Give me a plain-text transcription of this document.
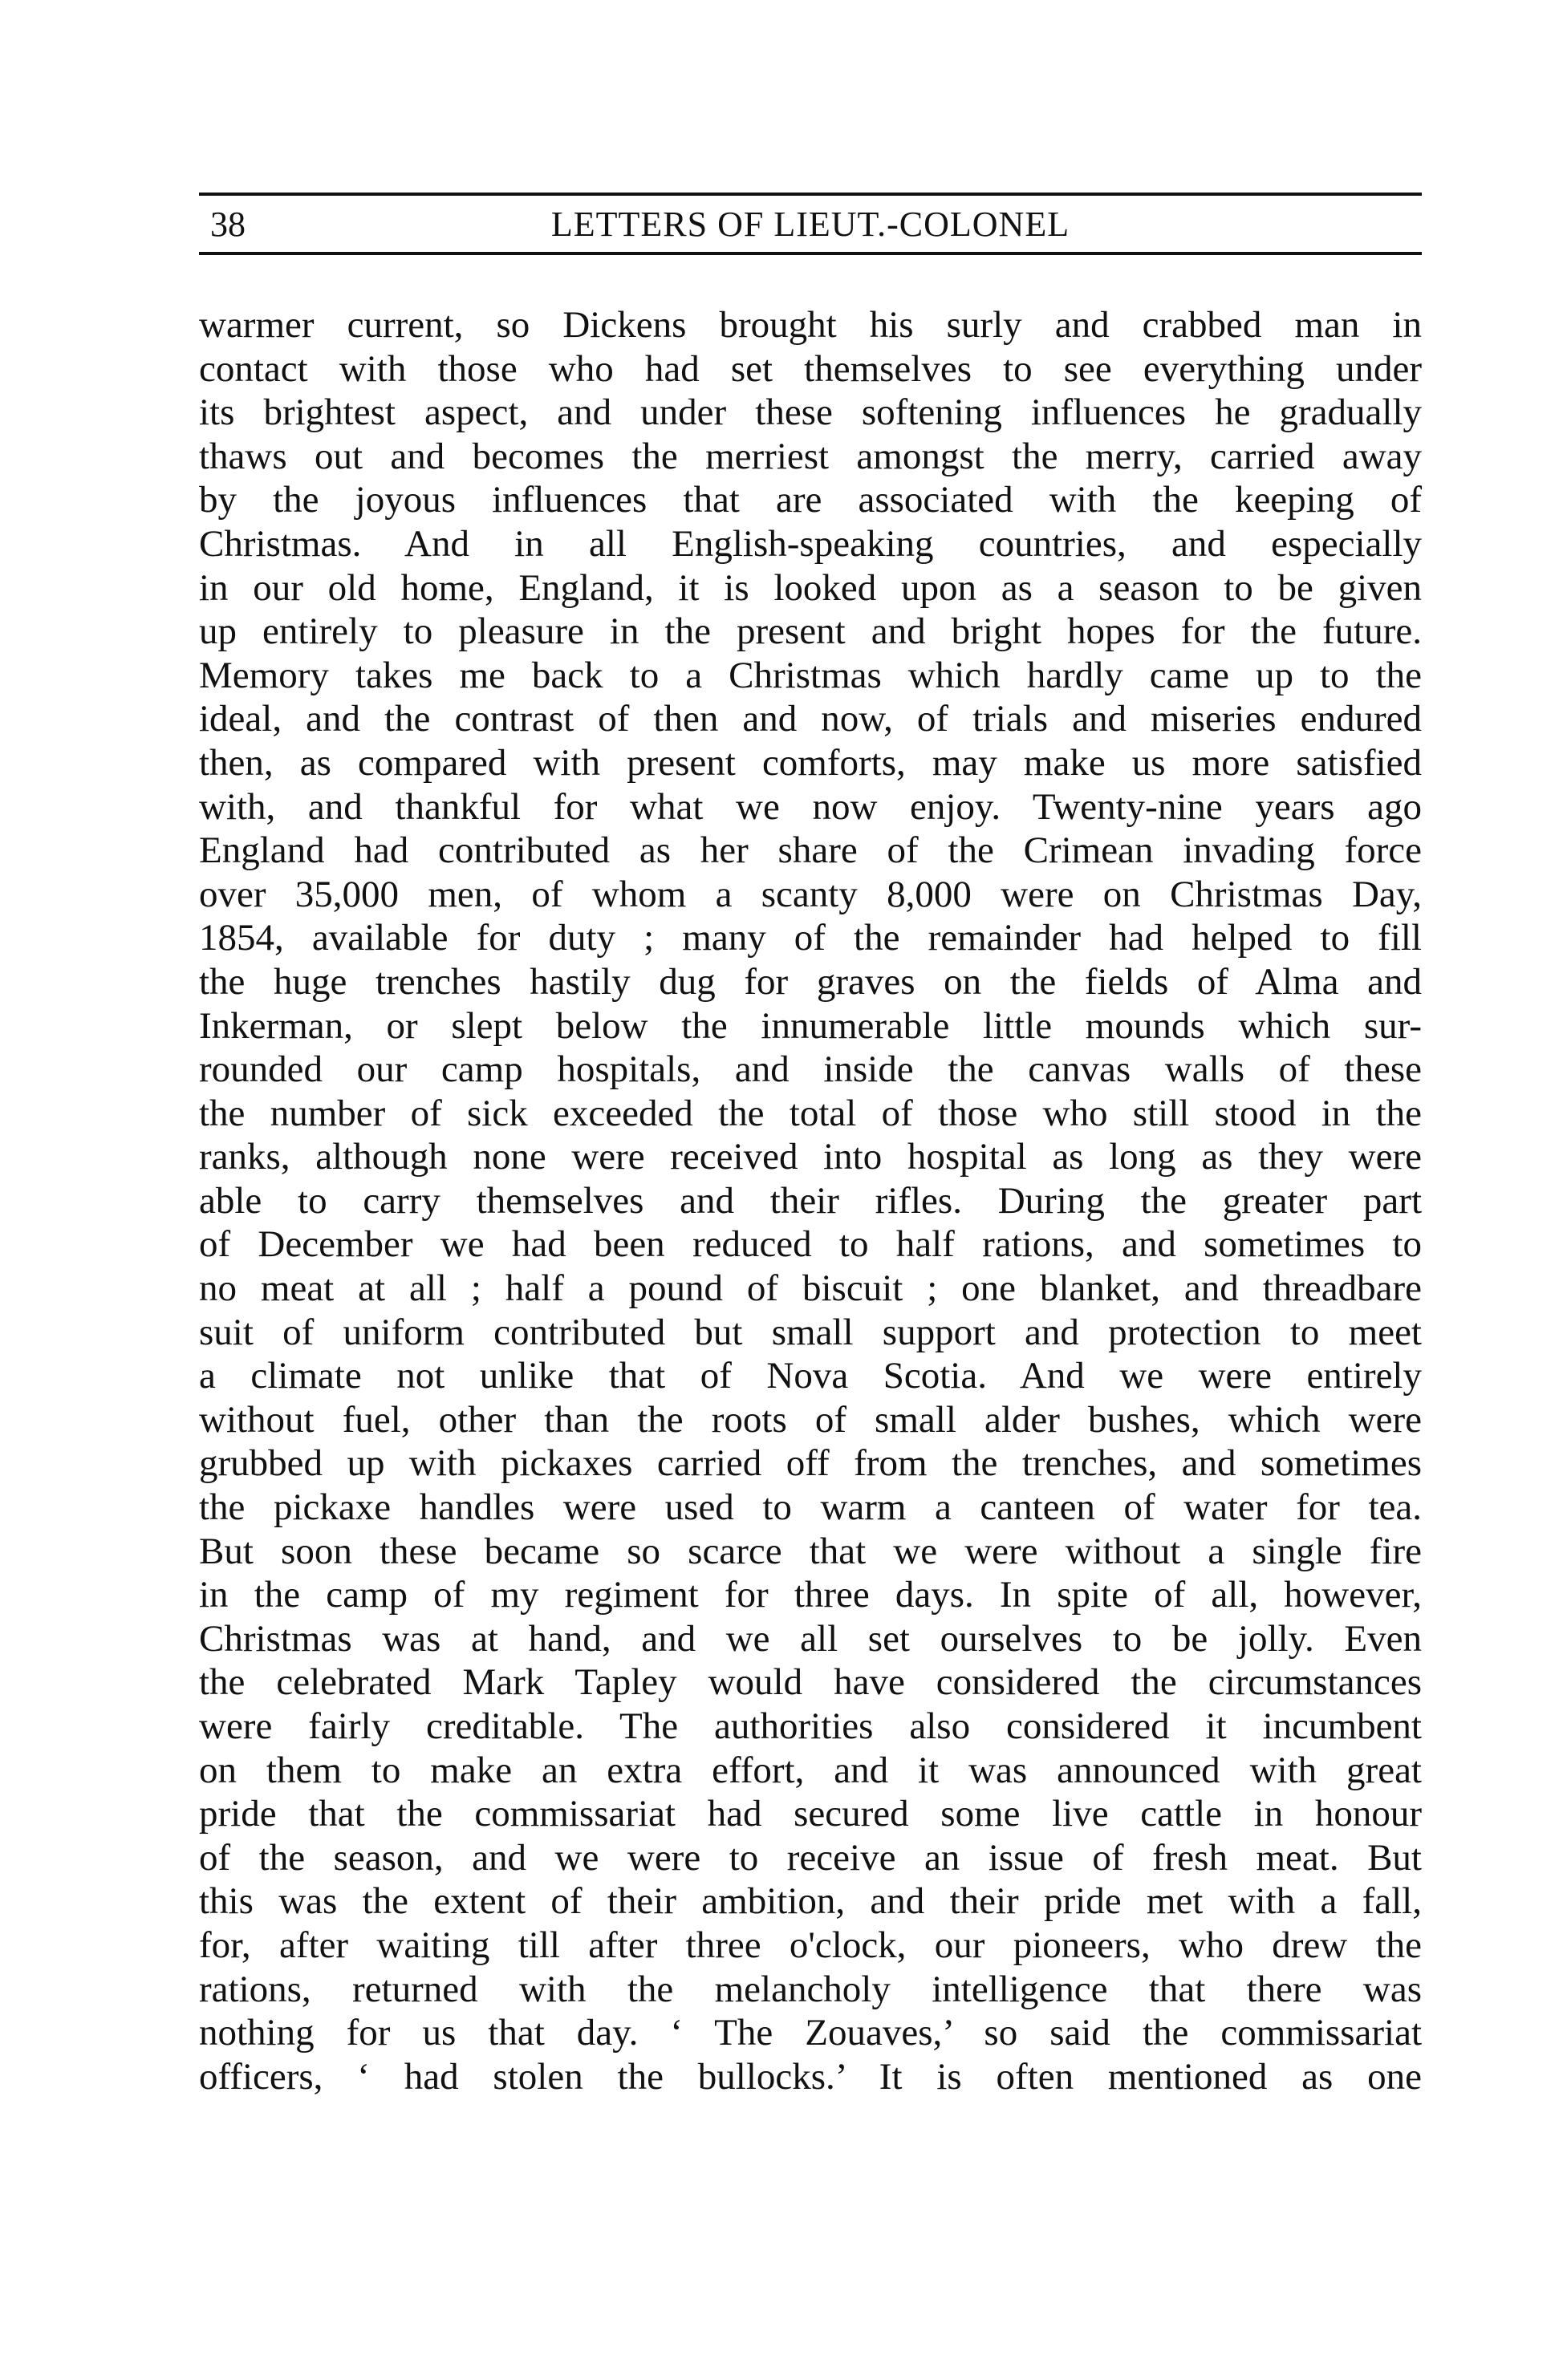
38	LETTERS OF LIEUT.-COLONEL
warmer current, so Dickens brought his surly and crabbed man in
contact with those who had set themselves to see everything under
its brightest aspect, and under these softening influences he gradually
thaws out and becomes the merriest amongst the merry, carried away
by the joyous influences that are associated with the keeping of
Christmas. And in all English-speaking countries, and especially
in our old home, England, it is looked upon as a season to be given
up entirely to pleasure in the present and bright hopes for the future.
Memory takes me back to a Christmas which hardly came up to the
ideal, and the contrast of then and now, of trials and miseries endured
then, as compared with present comforts, may make us more satisfied
with, and thankful for what we now enjoy. Twenty-nine years ago
England had contributed as her share of the Crimean invading force
over 35,000 men, of whom a scanty 8,000 were on Christmas Day,
1854, available for duty ; many of the remainder had helped to fill
the huge trenches hastily dug for graves on the fields of Alma and
Inkerman, or slept below the innumerable little mounds which sur-
rounded our camp hospitals, and inside the canvas walls of these
the number of sick exceeded the total of those who still stood in the
ranks, although none were received into hospital as long as they were
able to carry themselves and their rifles. During the greater part
of December we had been reduced to half rations, and sometimes to
no meat at all ; half a pound of biscuit ; one blanket, and threadbare
suit of uniform contributed but small support and protection to meet
a climate not unlike that of Nova Scotia. And we were entirely
without fuel, other than the roots of small alder bushes, which were
grubbed up with pickaxes carried off from the trenches, and sometimes
the pickaxe handles were used to warm a canteen of water for tea.
But soon these became so scarce that we were without a single fire
in the camp of my regiment for three days. In spite of all, however,
Christmas was at hand, and we all set ourselves to be jolly. Even
the celebrated Mark Tapley would have considered the circumstances
were fairly creditable. The authorities also considered it incumbent
on them to make an extra effort, and it was announced with great
pride that the commissariat had secured some live cattle in honour
of the season, and we were to receive an issue of fresh meat. But
this was the extent of their ambition, and their pride met with a fall,
for, after waiting till after three o'clock, our pioneers, who drew the
rations, returned with the melancholy intelligence that there was
nothing for us that day. ‘ The Zouaves,’ so said the commissariat
officers, ‘ had stolen the bullocks.’ It is often mentioned as one
